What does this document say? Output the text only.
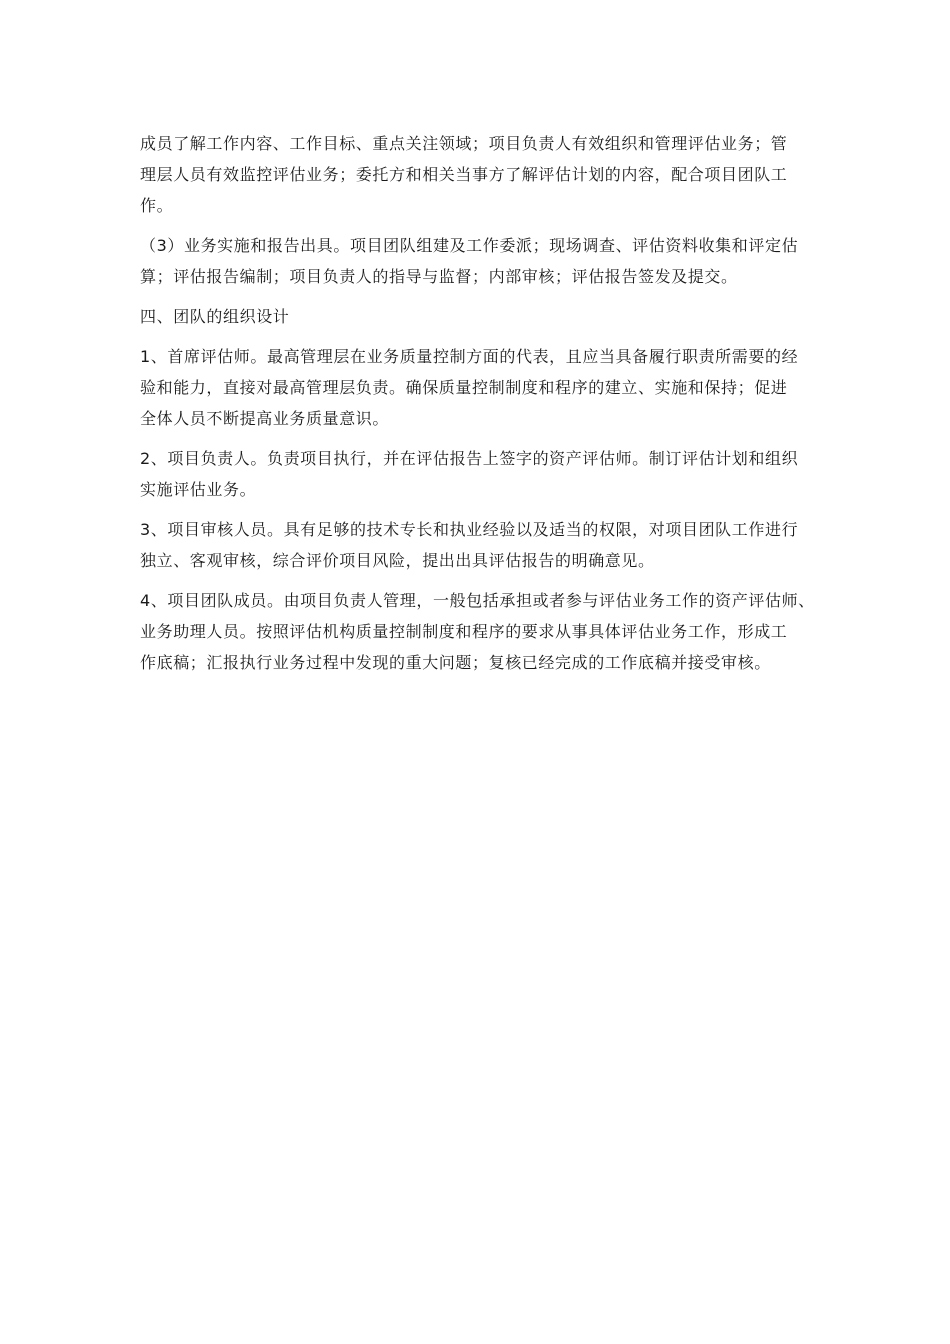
成员了解工作内容、工作目标、重点关注领域；项目负责人有效组织和管理评估业务；管
理层人员有效监控评估业务；委托方和相关当事方了解评估计划的内容，配合项目团队工
作。

（3）业务实施和报告出具。项目团队组建及工作委派；现场调查、评估资料收集和评定估
算；评估报告编制；项目负责人的指导与监督；内部审核；评估报告签发及提交。

四、团队的组织设计

1、首席评估师。最高管理层在业务质量控制方面的代表，且应当具备履行职责所需要的经
验和能力，直接对最高管理层负责。确保质量控制制度和程序的建立、实施和保持；促进
全体人员不断提高业务质量意识。

2、项目负责人。负责项目执行，并在评估报告上签字的资产评估师。制订评估计划和组织
实施评估业务。

3、项目审核人员。具有足够的技术专长和执业经验以及适当的权限，对项目团队工作进行
独立、客观审核，综合评价项目风险，提出出具评估报告的明确意见。

4、项目团队成员。由项目负责人管理，一般包括承担或者参与评估业务工作的资产评估师、
业务助理人员。按照评估机构质量控制制度和程序的要求从事具体评估业务工作，形成工
作底稿；汇报执行业务过程中发现的重大问题；复核已经完成的工作底稿并接受审核。
